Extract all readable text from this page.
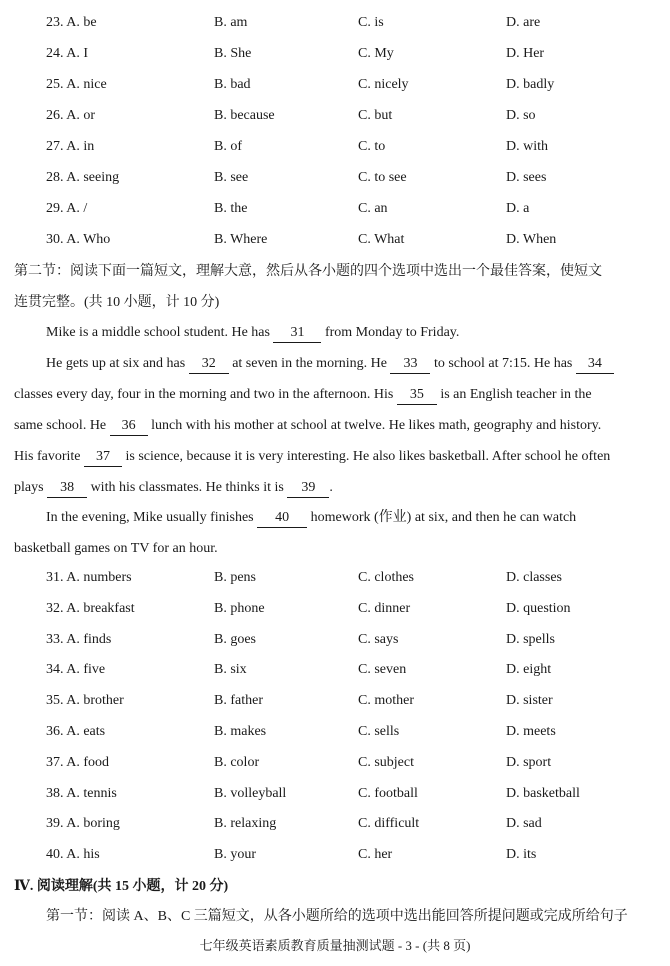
23. A. be	B. am	C. is	D. are
24. A. I	B. She	C. My	D. Her
25. A. nice	B. bad	C. nicely	D. badly
26. A. or	B. because	C. but	D. so
27. A. in	B. of	C. to	D. with
28. A. seeing	B. see	C. to see	D. sees
29. A. /	B. the	C. an	D. a
30. A. Who	B. Where	C. What	D. When
第二节：阅读下面一篇短文，理解大意，然后从各小题的四个选项中选出一个最佳答案，使短文
连贯完整。(共 10 小题，计 10 分)
Mike is a middle school student. He has 31 from Monday to Friday.
He gets up at six and has 32 at seven in the morning. He 33 to school at 7:15. He has 34
classes every day, four in the morning and two in the afternoon. His 35 is an English teacher in the
same school. He 36 lunch with his mother at school at twelve. He likes math, geography and history.
His favorite 37 is science, because it is very interesting. He also likes basketball. After school he often
plays 38 with his classmates. He thinks it is 39 .
In the evening, Mike usually finishes 40 homework (作业) at six, and then he can watch
basketball games on TV for an hour.
31. A. numbers	B. pens	C. clothes	D. classes
32. A. breakfast	B. phone	C. dinner	D. question
33. A. finds	B. goes	C. says	D. spells
34. A. five	B. six	C. seven	D. eight
35. A. brother	B. father	C. mother	D. sister
36. A. eats	B. makes	C. sells	D. meets
37. A. food	B. color	C. subject	D. sport
38. A. tennis	B. volleyball	C. football	D. basketball
39. A. boring	B. relaxing	C. difficult	D. sad
40. A. his	B. your	C. her	D. its
Ⅳ. 阅读理解(共 15 小题，计 20 分)
第一节：阅读 A、B、C 三篇短文，从各小题所给的选项中选出能回答所提问题或完成所给句子
七年级英语素质教育质量抽测试题 - 3 - (共 8 页)
